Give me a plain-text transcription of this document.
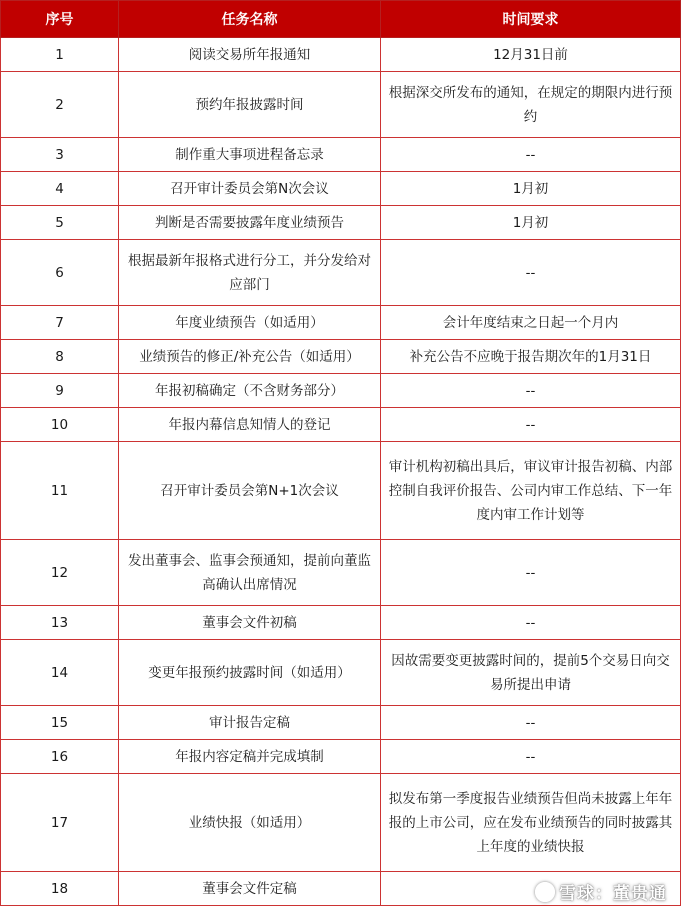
序号	任务名称	时间要求
1	阅读交易所年报通知	12月31日前
2	预约年报披露时间	根据深交所发布的通知，在规定的期限内进行预约
3	制作重大事项进程备忘录	--
4	召开审计委员会第N次会议	1月初
5	判断是否需要披露年度业绩预告	1月初
6	根据最新年报格式进行分工，并分发给对应部门	--
7	年度业绩预告（如适用）	会计年度结束之日起一个月内
8	业绩预告的修正/补充公告（如适用）	补充公告不应晚于报告期次年的1月31日
9	年报初稿确定（不含财务部分）	--
10	年报内幕信息知情人的登记	--
11	召开审计委员会第N+1次会议	审计机构初稿出具后，审议审计报告初稿、内部控制自我评价报告、公司内审工作总结、下一年度内审工作计划等
12	发出董事会、监事会预通知，提前向董监高确认出席情况	--
13	董事会文件初稿	--
14	变更年报预约披露时间（如适用）	因故需要变更披露时间的，提前5个交易日向交易所提出申请
15	审计报告定稿	--
16	年报内容定稿并完成填制	--
17	业绩快报（如适用）	拟发布第一季度报告业绩预告但尚未披露上年年报的上市公司，应在发布业绩预告的同时披露其上年度的业绩快报
18	董事会文件定稿		雪球：董贵通
